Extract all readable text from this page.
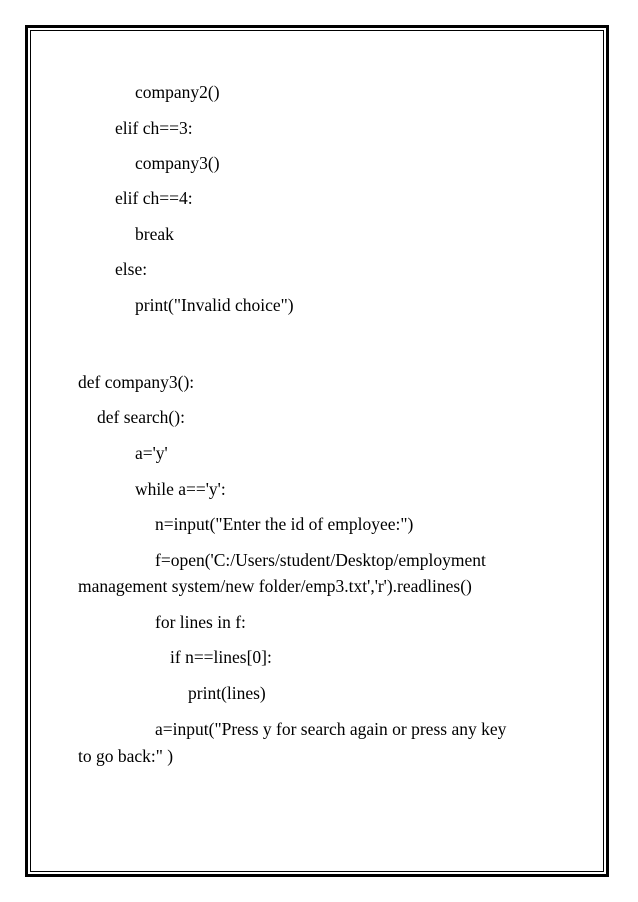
company2()
elif ch==3:
company3()
elif ch==4:
break
else:
print("Invalid choice")
def company3():
def search():
a='y'
while a=='y':
n=input("Enter the id of employee:")
f=open('C:/Users/student/Desktop/employment
management system/new folder/emp3.txt','r').readlines()
for lines in f:
if n==lines[0]:
print(lines)
a=input("Press y for search again or press any key
to go back:" )
